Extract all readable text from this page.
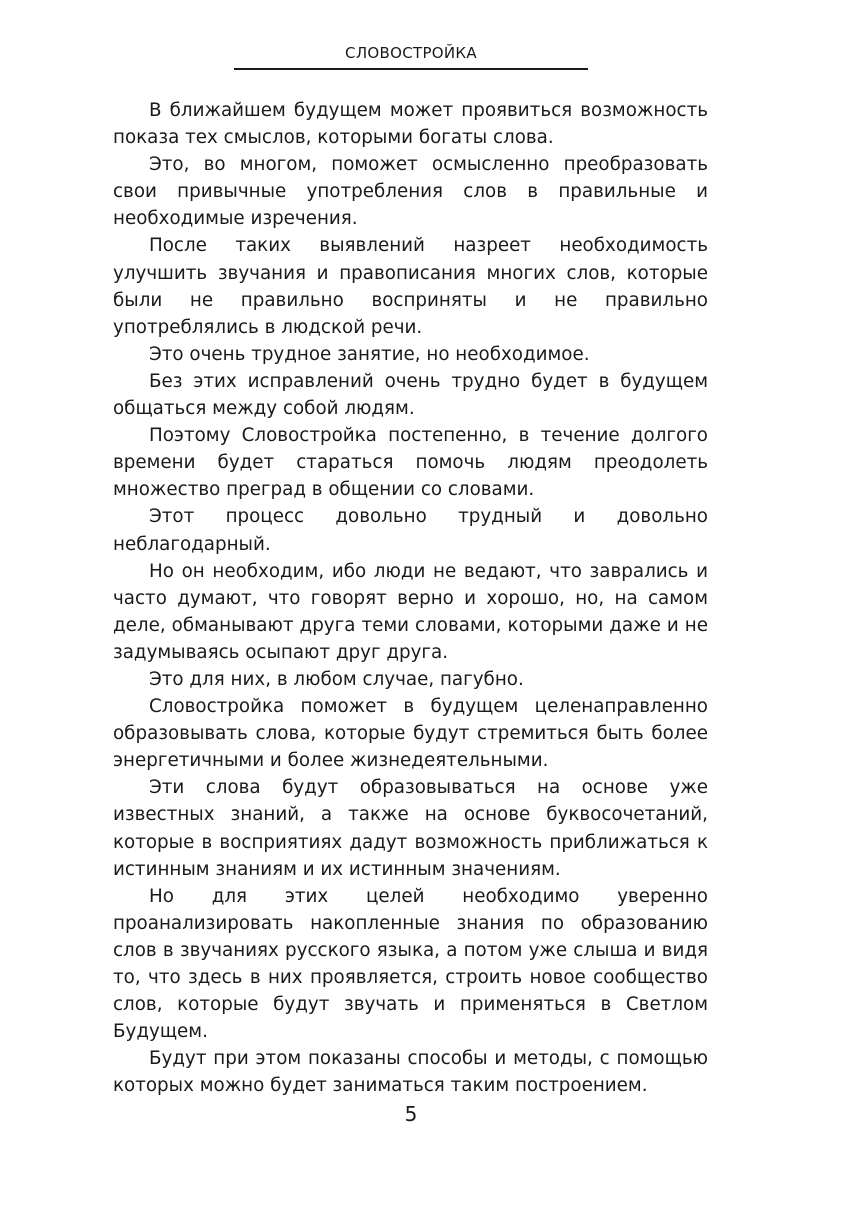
СЛОВОСТРОЙКА

В ближайшем будущем может проявиться возможность показа тех смыслов, которыми богаты слова.

Это, во многом, поможет осмысленно преобразовать свои привычные употребления слов в правильные и необходимые изречения.

После таких выявлений назреет необходимость улучшить звучания и правописания многих слов, которые были не правильно восприняты и не правильно употреблялись в людской речи.

Это очень трудное занятие, но необходимое.

Без этих исправлений очень трудно будет в будущем общаться между собой людям.

Поэтому Словостройка постепенно, в течение долгого времени будет стараться помочь людям преодолеть множество преград в общении со словами.

Этот процесс довольно трудный и довольно неблагодарный.

Но он необходим, ибо люди не ведают, что заврались и часто думают, что говорят верно и хорошо, но, на самом деле, обманывают друга теми словами, которыми даже и не задумываясь осыпают друг друга.

Это для них, в любом случае, пагубно.

Словостройка поможет в будущем целенаправленно образовывать слова, которые будут стремиться быть более энергетичными и более жизнедеятельными.

Эти слова будут образовываться на основе уже известных знаний, а также на основе буквосочетаний, которые в восприятиях дадут возможность приближаться к истинным знаниям и их истинным значениям.

Но для этих целей необходимо уверенно проанализировать накопленные знания по образованию слов в звучаниях русского языка, а потом уже слыша и видя то, что здесь в них проявляется, строить новое сообщество слов, которые будут звучать и применяться в Светлом Будущем.

Будут при этом показаны способы и методы, с помощью которых можно будет заниматься таким построением.

5
